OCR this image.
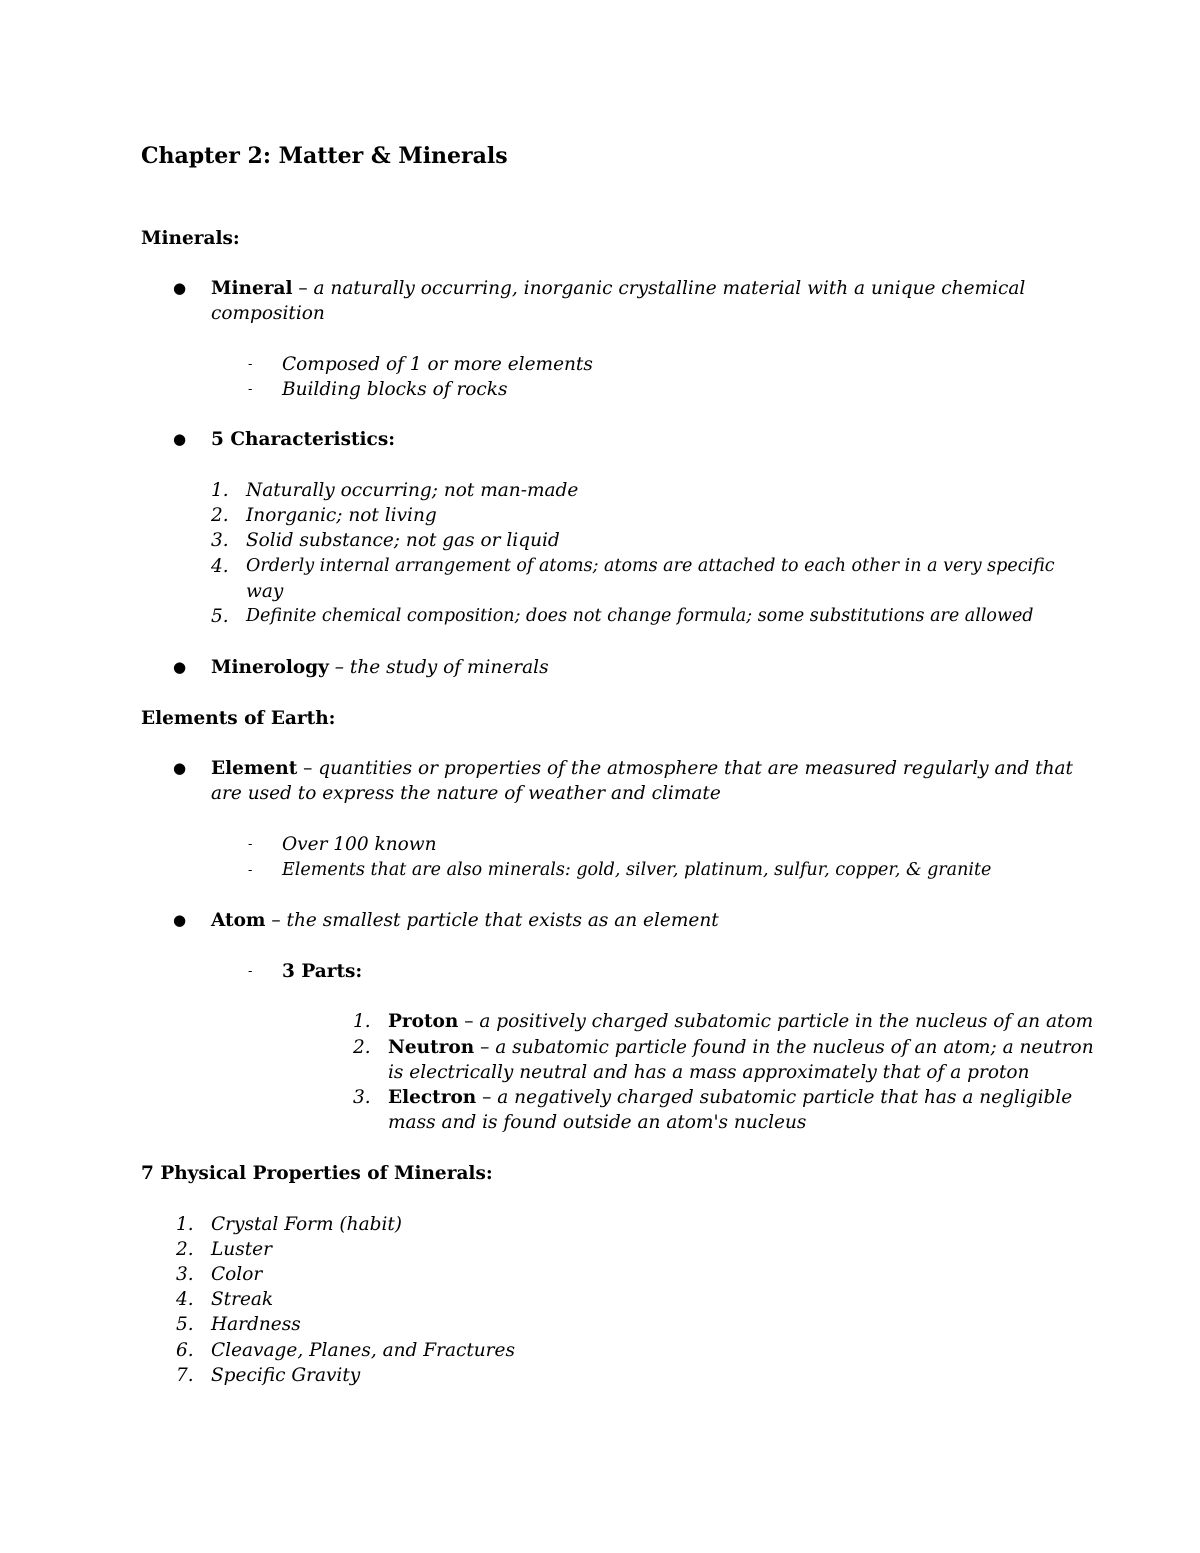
Chapter 2: Matter & Minerals
Minerals:
● Mineral – a naturally occurring, inorganic crystalline material with a unique chemical
composition
- Composed of 1 or more elements
- Building blocks of rocks
● 5 Characteristics:
1. Naturally occurring; not man-made
2. Inorganic; not living
3. Solid substance; not gas or liquid
4. Orderly internal arrangement of atoms; atoms are attached to each other in a very specific
way
5. Definite chemical composition; does not change formula; some substitutions are allowed
● Minerology – the study of minerals
Elements of Earth:
● Element – quantities or properties of the atmosphere that are measured regularly and that
are used to express the nature of weather and climate
- Over 100 known
- Elements that are also minerals: gold, silver, platinum, sulfur, copper, & granite
● Atom – the smallest particle that exists as an element
- 3 Parts:
1. Proton – a positively charged subatomic particle in the nucleus of an atom
2. Neutron – a subatomic particle found in the nucleus of an atom; a neutron
is electrically neutral and has a mass approximately that of a proton
3. Electron – a negatively charged subatomic particle that has a negligible
mass and is found outside an atom's nucleus
7 Physical Properties of Minerals:
1. Crystal Form (habit)
2. Luster
3. Color
4. Streak
5. Hardness
6. Cleavage, Planes, and Fractures
7. Specific Gravity
